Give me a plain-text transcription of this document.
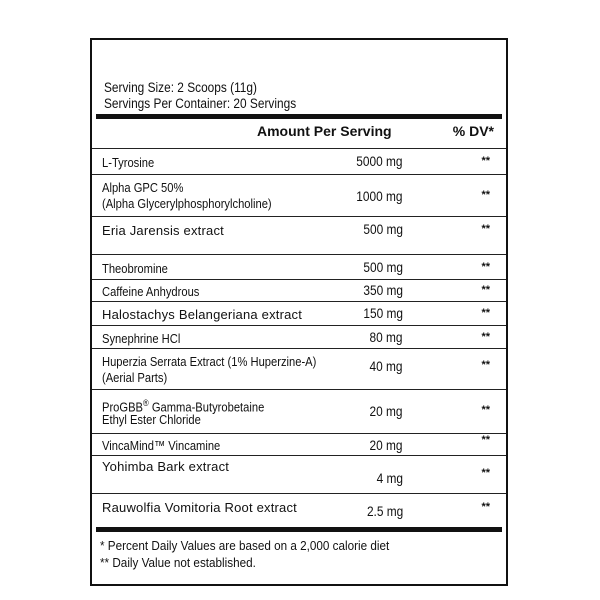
Serving Size: 2 Scoops (11g)
Servings Per Container: 20 Servings
Amount Per Serving	% DV*
L-Tyrosine	5000 mg	**
Alpha GPC 50%
(Alpha Glycerylphosphorylcholine)	1000 mg	**
Eria Jarensis extract	500 mg	**
Theobromine	500 mg	**
Caffeine Anhydrous	350 mg	**
Halostachys Belangeriana extract	150 mg	**
Synephrine HCl	80 mg	**
Huperzia Serrata Extract (1% Huperzine-A)
(Aerial Parts)
40 mg	**
ProGBB® Gamma-Butyrobetaine
Ethyl Ester Chloride
20 mg	**
VincaMind™ Vincamine	20 mg	**
Yohimba Bark extract
4 mg	**
Rauwolfia Vomitoria Root extract	2.5 mg	**
* Percent Daily Values are based on a 2,000 calorie diet
** Daily Value not established.
